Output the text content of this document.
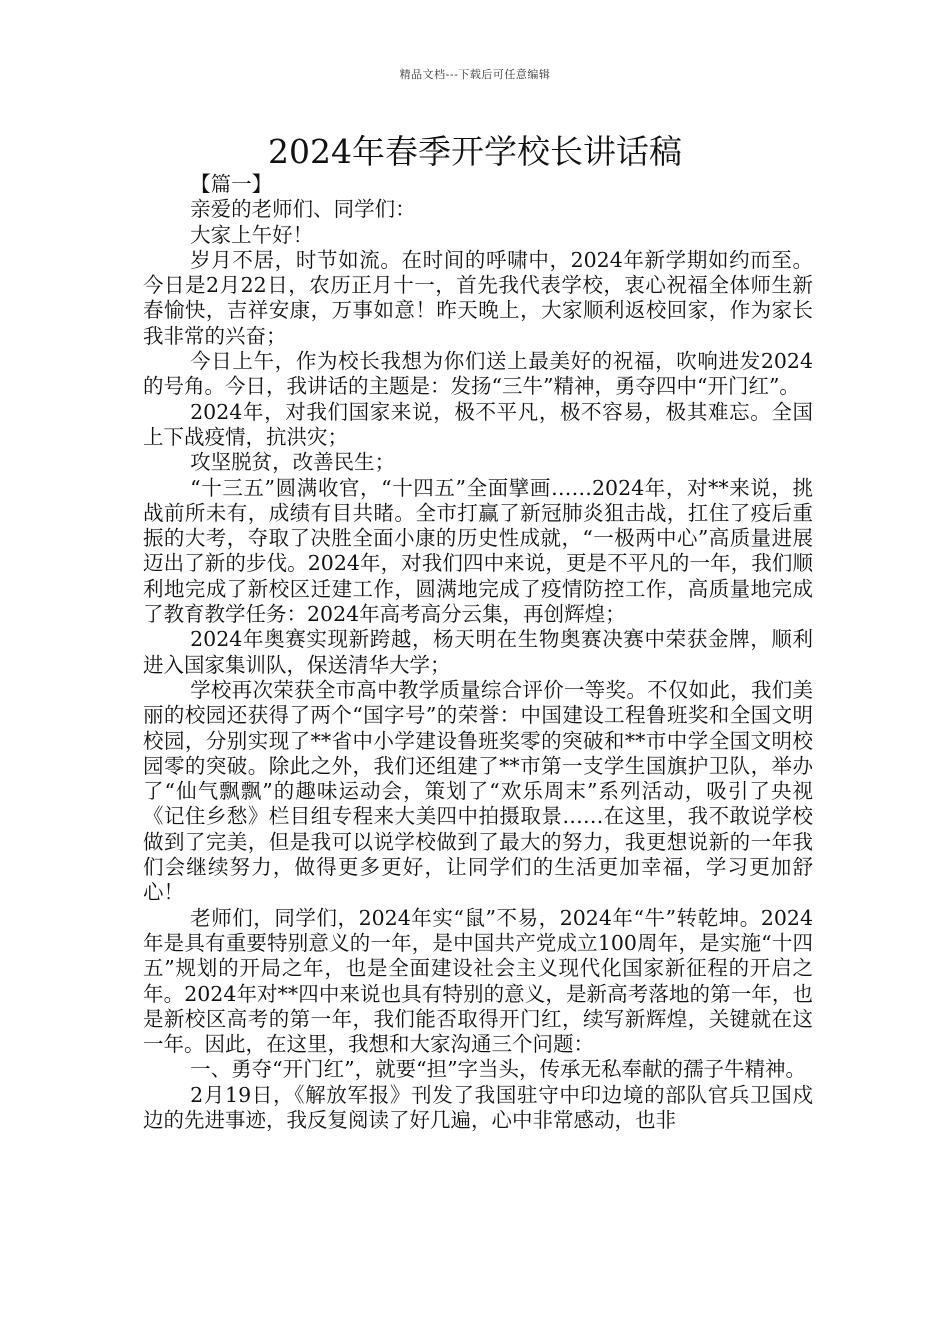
精品文档---下载后可任意编辑
2024年春季开学校长讲话稿

【篇一】

亲爱的老师们、同学们：

大家上午好！

岁月不居，时节如流。在时间的呼啸中，2024年新学期如约而至。今日是2月22日，农历正月十一，首先我代表学校，衷心祝福全体师生新春愉快，吉祥安康，万事如意！昨天晚上，大家顺利返校回家，作为家长我非常的兴奋；

今日上午，作为校长我想为你们送上最美好的祝福，吹响进发2024的号角。今日，我讲话的主题是：发扬“三牛”精神，勇夺四中“开门红”。

2024年，对我们国家来说，极不平凡，极不容易，极其难忘。全国上下战疫情，抗洪灾；

攻坚脱贫，改善民生；

“十三五”圆满收官，“十四五”全面擘画……2024年，对**来说，挑战前所未有，成绩有目共睹。全市打赢了新冠肺炎狙击战，扛住了疫后重振的大考，夺取了决胜全面小康的历史性成就，“一极两中心”高质量进展迈出了新的步伐。2024年，对我们四中来说，更是不平凡的一年，我们顺利地完成了新校区迁建工作，圆满地完成了疫情防控工作，高质量地完成了教育教学任务：2024年高考高分云集，再创辉煌；

2024年奥赛实现新跨越，杨天明在生物奥赛决赛中荣获金牌，顺利进入国家集训队，保送清华大学；

学校再次荣获全市高中教学质量综合评价一等奖。不仅如此，我们美丽的校园还获得了两个“国字号”的荣誉：中国建设工程鲁班奖和全国文明校园，分别实现了**省中小学建设鲁班奖零的突破和**市中学全国文明校园零的突破。除此之外，我们还组建了**市第一支学生国旗护卫队，举办了“仙气飘飘”的趣味运动会，策划了“欢乐周末”系列活动，吸引了央视《记住乡愁》栏目组专程来大美四中拍摄取景……在这里，我不敢说学校做到了完美，但是我可以说学校做到了最大的努力，我更想说新的一年我们会继续努力，做得更多更好，让同学们的生活更加幸福，学习更加舒心！

老师们，同学们，2024年实“鼠”不易，2024年“牛”转乾坤。2024年是具有重要特别意义的一年，是中国共产党成立100周年，是实施“十四五”规划的开局之年，也是全面建设社会主义现代化国家新征程的开启之年。2024年对**四中来说也具有特别的意义，是新高考落地的第一年，也是新校区高考的第一年，我们能否取得开门红，续写新辉煌，关键就在这一年。因此，在这里，我想和大家沟通三个问题：

一、勇夺“开门红”，就要“担”字当头，传承无私奉献的孺子牛精神。

2月19日，《解放军报》刊发了我国驻守中印边境的部队官兵卫国戍边的先进事迹，我反复阅读了好几遍，心中非常感动，也非
